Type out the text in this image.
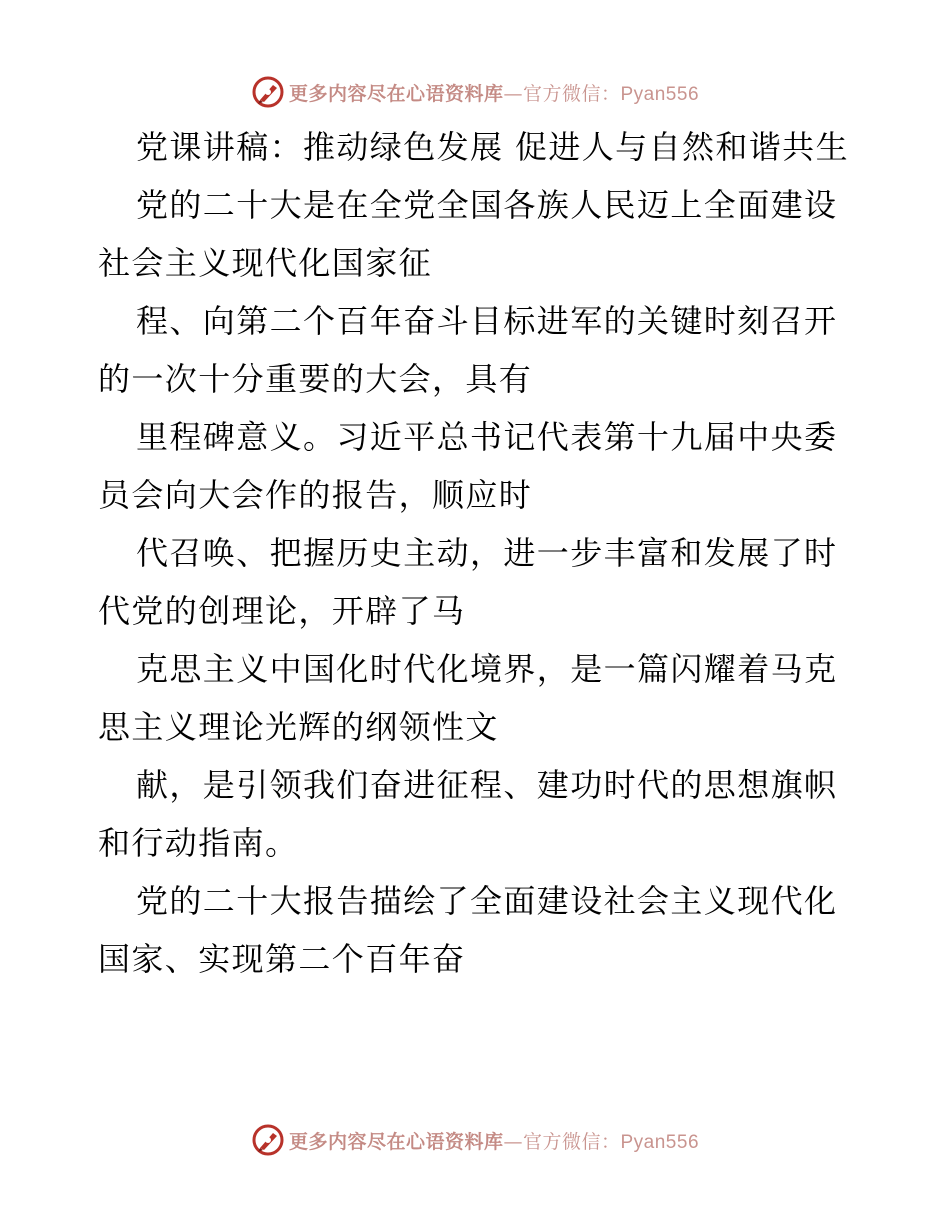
更多内容尽在心语资料库—官方微信：Pyan556

党课讲稿：推动绿色发展 促进人与自然和谐共生

党的二十大是在全党全国各族人民迈上全面建设社会主义现代化国家征

程、向第二个百年奋斗目标进军的关键时刻召开的一次十分重要的大会，具有

里程碑意义。习近平总书记代表第十九届中央委员会向大会作的报告，顺应时

代召唤、把握历史主动，进一步丰富和发展了时代党的创理论，开辟了马

克思主义中国化时代化境界，是一篇闪耀着马克思主义理论光辉的纲领性文

献，是引领我们奋进征程、建功时代的思想旗帜和行动指南。

党的二十大报告描绘了全面建设社会主义现代化国家、实现第二个百年奋

更多内容尽在心语资料库—官方微信：Pyan556
